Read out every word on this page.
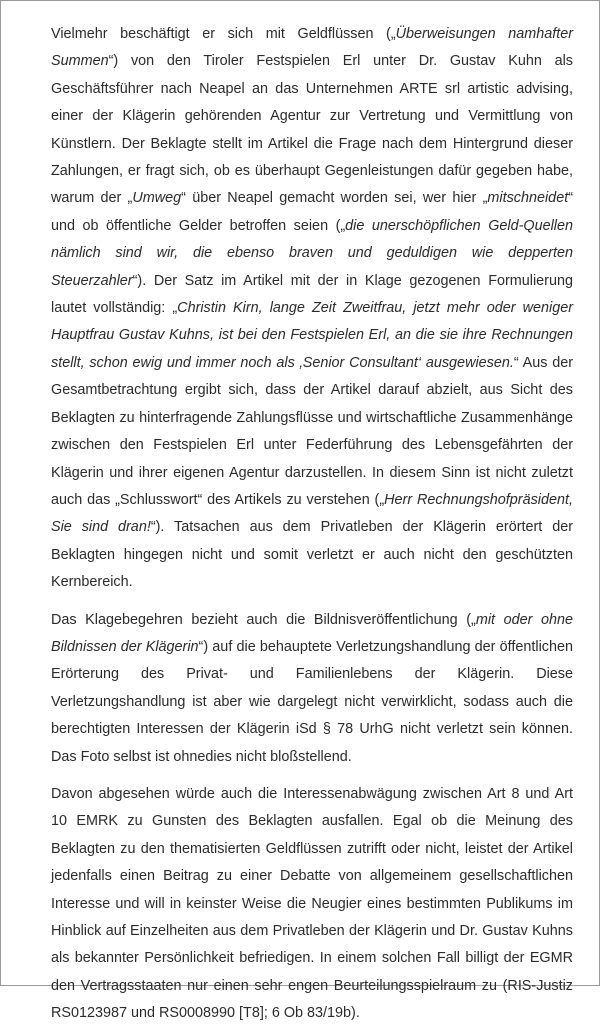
Vielmehr beschäftigt er sich mit Geldflüssen („Überweisungen namhafter Summen“) von den Tiroler Festspielen Erl unter Dr. Gustav Kuhn als Geschäftsführer nach Neapel an das Unternehmen ARTE srl artistic advising, einer der Klägerin gehörenden Agentur zur Vertretung und Vermittlung von Künstlern. Der Beklagte stellt im Artikel die Frage nach dem Hintergrund dieser Zahlungen, er fragt sich, ob es überhaupt Gegenleistungen dafür gegeben habe, warum der „Umweg“ über Neapel gemacht worden sei, wer hier „mitschneidet“ und ob öffentliche Gelder betroffen seien („die unerschöpflichen Geld-Quellen nämlich sind wir, die ebenso braven und geduldigen wie depperten Steuerzahler“). Der Satz im Artikel mit der in Klage gezogenen Formulierung lautet vollständig: „Christin Kirn, lange Zeit Zweitfrau, jetzt mehr oder weniger Hauptfrau Gustav Kuhns, ist bei den Festspielen Erl, an die sie ihre Rechnungen stellt, schon ewig und immer noch als ‚Senior Consultant‘ ausgewiesen.“ Aus der Gesamtbetrachtung ergibt sich, dass der Artikel darauf abzielt, aus Sicht des Beklagten zu hinterfragende Zahlungsflüsse und wirtschaftliche Zusammenhänge zwischen den Festspielen Erl unter Federführung des Lebensgefährten der Klägerin und ihrer eigenen Agentur darzustellen. In diesem Sinn ist nicht zuletzt auch das „Schlusswort“ des Artikels zu verstehen („Herr Rechnungshofpräsident, Sie sind dran!“). Tatsachen aus dem Privatleben der Klägerin erörtert der Beklagten hingegen nicht und somit verletzt er auch nicht den geschützten Kernbereich.

Das Klagebegehren bezieht auch die Bildnisveröffentlichung („mit oder ohne Bildnissen der Klägerin“) auf die behauptete Verletzungshandlung der öffentlichen Erörterung des Privat- und Familienlebens der Klägerin. Diese Verletzungshandlung ist aber wie dargelegt nicht verwirklicht, sodass auch die berechtigten Interessen der Klägerin iSd § 78 UrhG nicht verletzt sein können. Das Foto selbst ist ohnedies nicht bloßstellend.

Davon abgesehen würde auch die Interessenabwägung zwischen Art 8 und Art 10 EMRK zu Gunsten des Beklagten ausfallen. Egal ob die Meinung des Beklagten zu den thematisierten Geldflüssen zutrifft oder nicht, leistet der Artikel jedenfalls einen Beitrag zu einer Debatte von allgemeinem gesellschaftlichen Interesse und will in keinster Weise die Neugier eines bestimmten Publikums im Hinblick auf Einzelheiten aus dem Privatleben der Klägerin und Dr. Gustav Kuhns als bekannter Persönlichkeit befriedigen. In einem solchen Fall billigt der EGMR den Vertragsstaaten nur einen sehr engen Beurteilungsspielraum zu (RIS-Justiz RS0123987 und RS0008990 [T8]; 6 Ob 83/19b).
